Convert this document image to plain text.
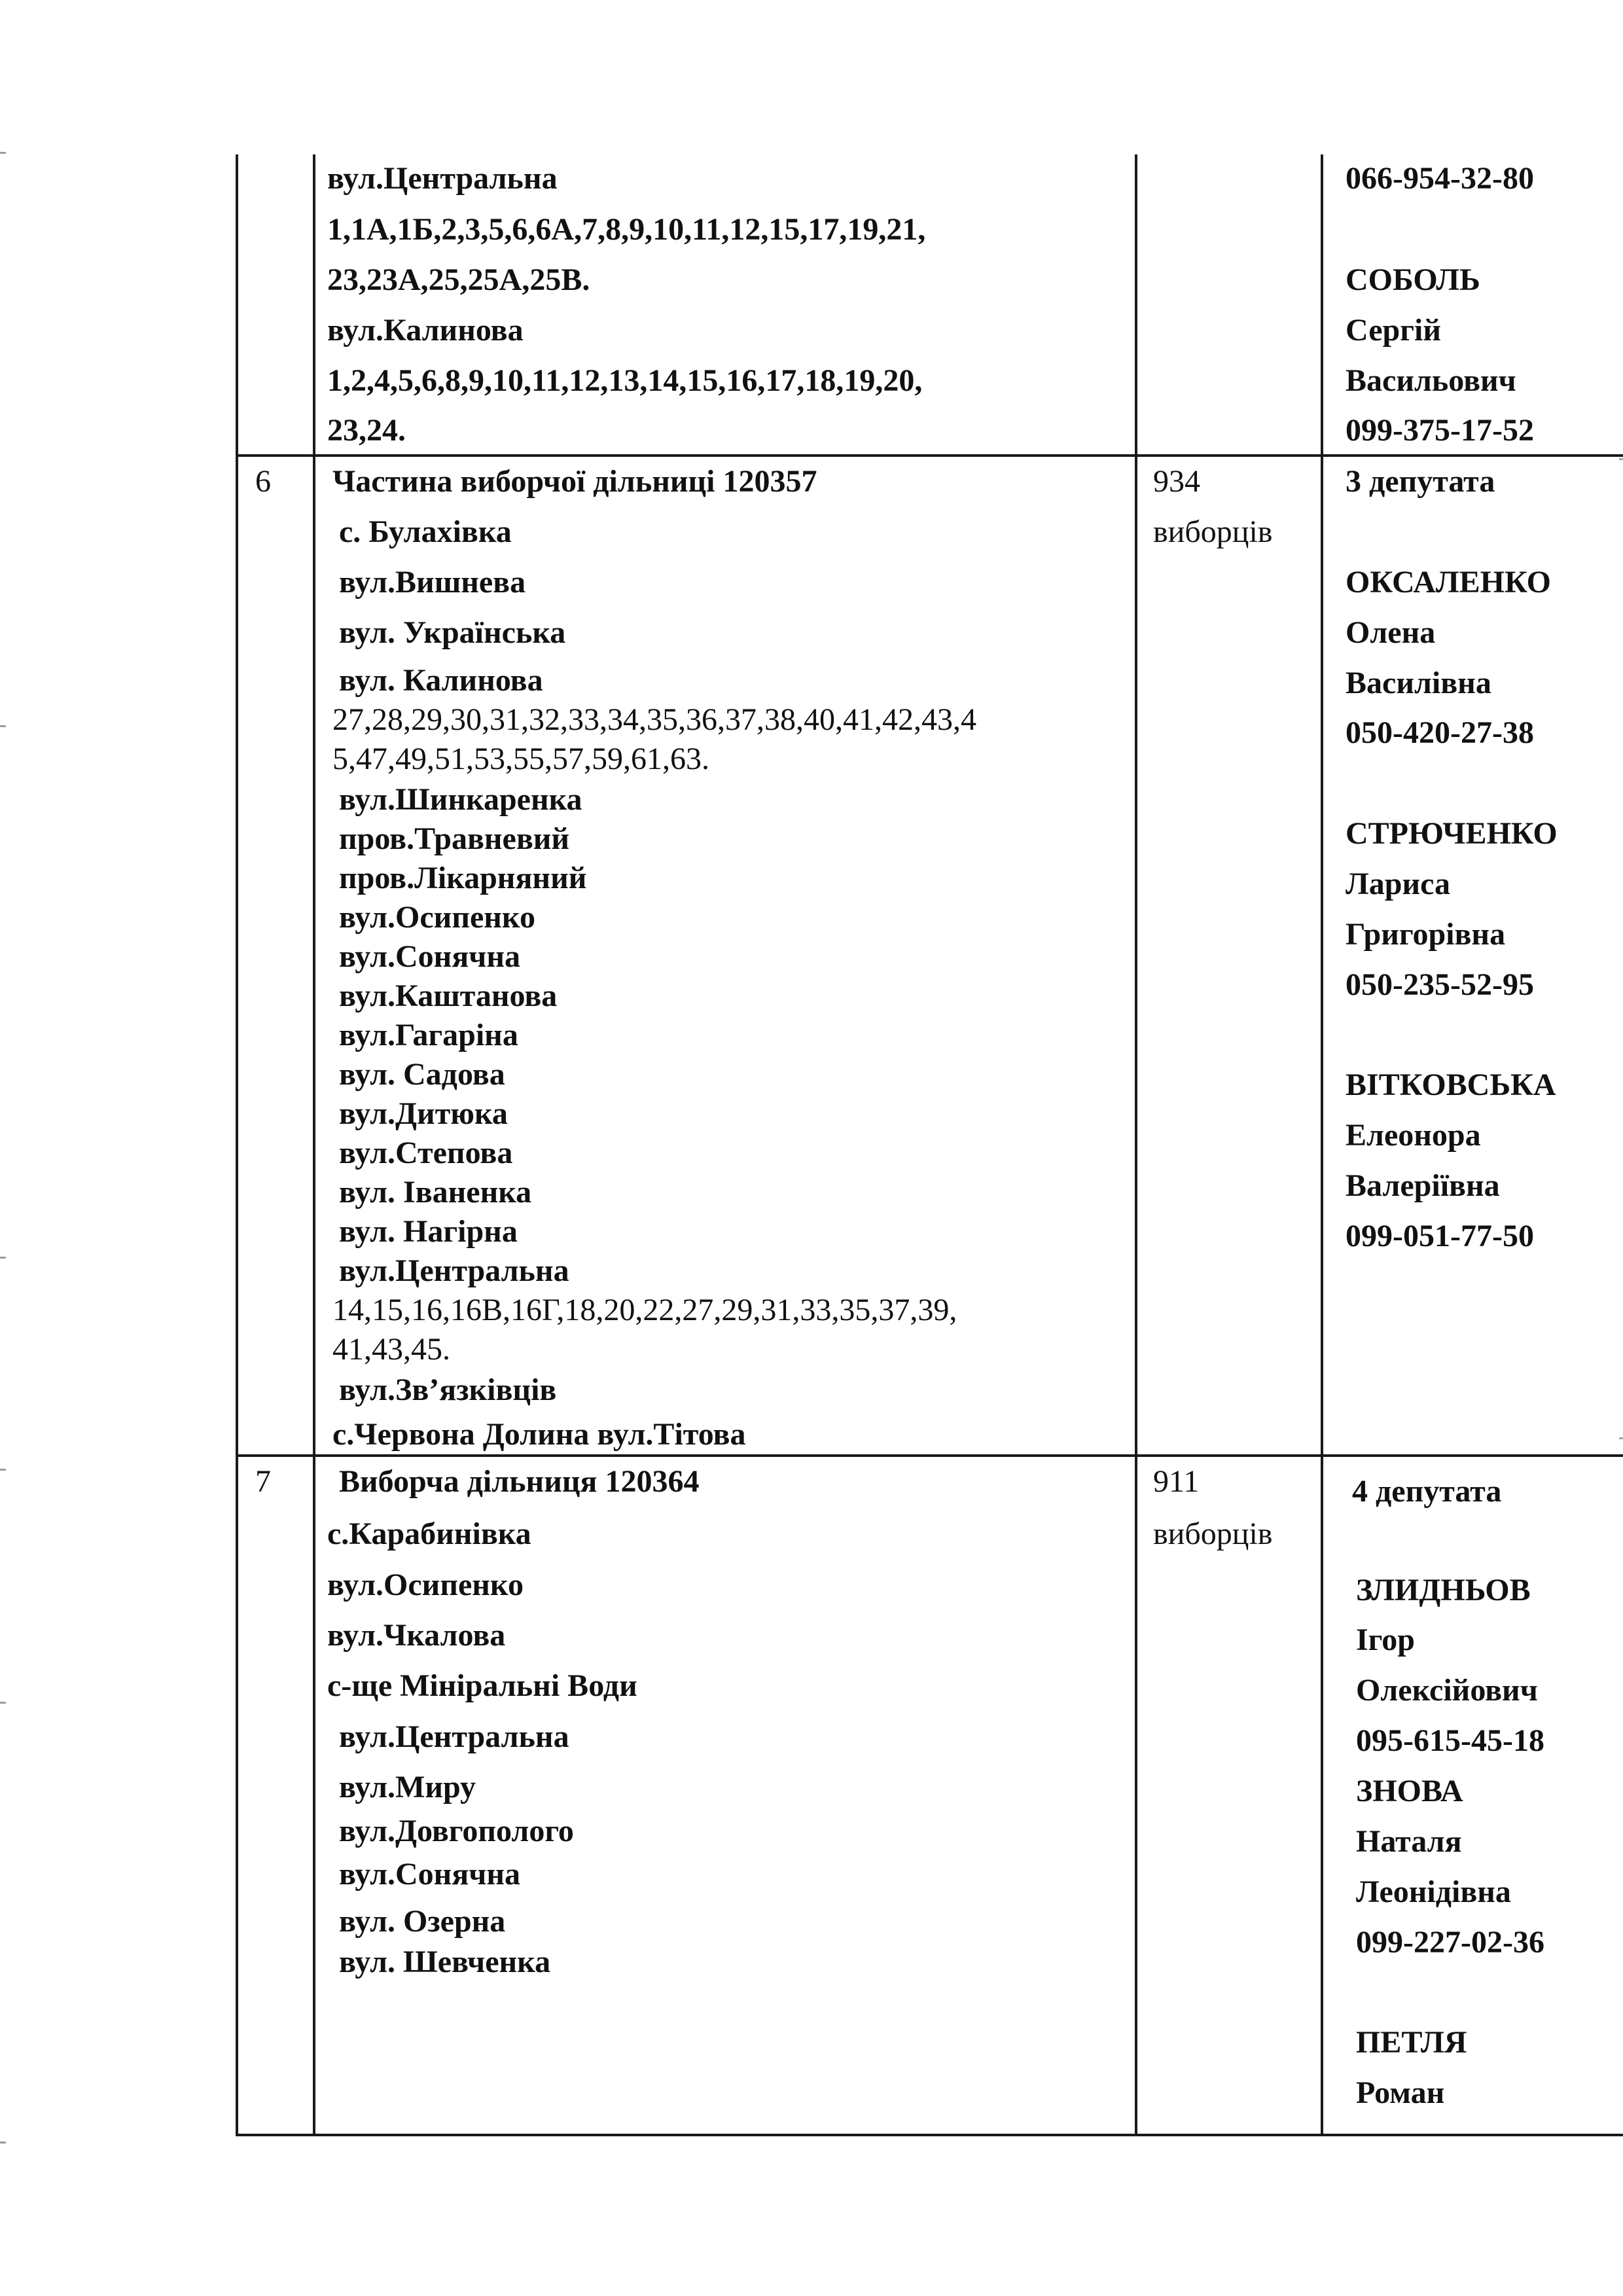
вул.Центральна
1,1А,1Б,2,3,5,6,6А,7,8,9,10,11,12,15,17,19,21,
23,23А,25,25А,25В.
вул.Калинова
1,2,4,5,6,8,9,10,11,12,13,14,15,16,17,18,19,20,
23,24.
066-954-32-80
СОБОЛЬ
Сергій
Васильович
099-375-17-52
6 Частина виборчої дільниці 120357
с. Булахівка
вул.Вишнева
вул. Українська
вул. Калинова
27,28,29,30,31,32,33,34,35,36,37,38,40,41,42,43,4
5,47,49,51,53,55,57,59,61,63.
вул.Шинкаренка
пров.Травневий
пров.Лікарняний
вул.Осипенко
вул.Сонячна
вул.Каштанова
вул.Гагаріна
вул. Садова
вул.Дитюка
вул.Степова
вул. Іваненка
вул. Нагірна
вул.Центральна
14,15,16,16В,16Г,18,20,22,27,29,31,33,35,37,39,
41,43,45.
вул.Зв’язківців
с.Червона Долина вул.Тітова
934
виборців
3 депутата
ОКСАЛЕНКО
Олена
Василівна
050-420-27-38
СТРЮЧЕНКО
Лариса
Григорівна
050-235-52-95
ВІТКОВСЬКА
Елеонора
Валеріївна
099-051-77-50
7 Виборча дільниця 120364
с.Карабинівка
вул.Осипенко
вул.Чкалова
с-ще Мініральні Води
вул.Центральна
вул.Миру
вул.Довгополого
вул.Сонячна
вул. Озерна
вул. Шевченка
911
виборців
4 депутата
ЗЛИДНЬОВ
Ігор
Олексійович
095-615-45-18
ЗНОВА
Наталя
Леонідівна
099-227-02-36
ПЕТЛЯ
Роман
